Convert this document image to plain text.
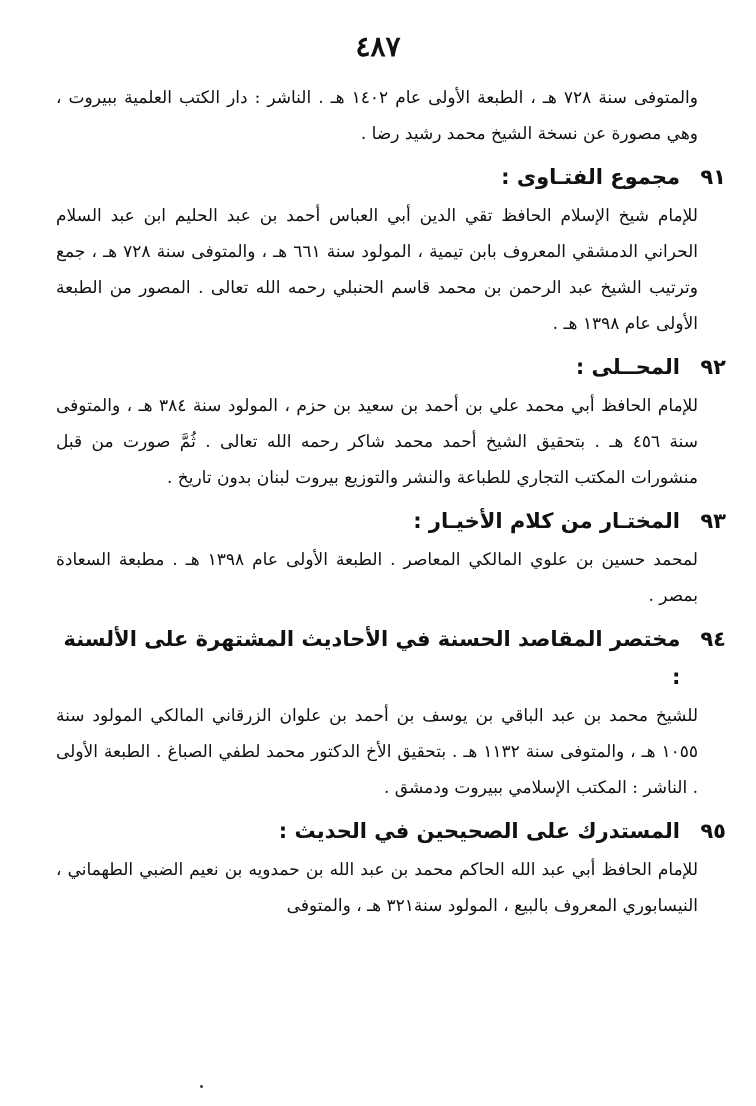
٤٨٧
والمتوفى سنة ٧٢٨ هـ ، الطبعة الأولى عام ١٤٠٢ هـ . الناشر : دار الكتب العلمية ببيروت ، وهي مصورة عن نسخة الشيخ محمد رشيد رضا .
٩١
مجموع الفتـاوى :
للإمام شيخ الإسلام الحافظ تقي الدين أبي العباس أحمد بن عبد الحليم ابن عبد السلام الحراني الدمشقي المعروف بابن تيمية ، المولود سنة ٦٦١ هـ ، والمتوفى سنة ٧٢٨ هـ ، جمع وترتيب الشيخ عبد الرحمن بن محمد قاسم الحنبلي رحمه الله تعالى . المصور من الطبعة الأولى عام ١٣٩٨ هـ .
٩٢
المحــلى :
للإمام الحافظ أبي محمد علي بن أحمد بن سعيد بن حزم ، المولود سنة ٣٨٤ هـ ، والمتوفى سنة ٤٥٦ هـ . بتحقيق الشيخ أحمد محمد شاكر رحمه الله تعالى . ثُمَّ صورت من قبل منشورات المكتب التجاري للطباعة والنشر والتوزيع بيروت لبنان بدون تاريخ .
٩٣
المختـار من كلام الأخيـار :
لمحمد حسين بن علوي المالكي المعاصر . الطبعة الأولى عام ١٣٩٨ هـ . مطبعة السعادة بمصر .
٩٤
مختصر المقاصد الحسنة في الأحاديث المشتهرة على الألسنة :
للشيخ محمد بن عبد الباقي بن يوسف بن أحمد بن علوان الزرقاني المالكي المولود سنة ١٠٥٥ هـ ، والمتوفى سنة ١١٣٢ هـ . بتحقيق الأخ الدكتور محمد لطفي الصباغ . الطبعة الأولى . الناشر : المكتب الإسلامي ببيروت ودمشق .
٩٥
المستدرك على الصحيحين في الحديث :
للإمام الحافظ أبي عبد الله الحاكم محمد بن عبد الله بن حمدويه بن نعيم الضبي الطهماني ، النيسابوري المعروف بالبيع ، المولود سنة٣٢١ هـ ، والمتوفى
